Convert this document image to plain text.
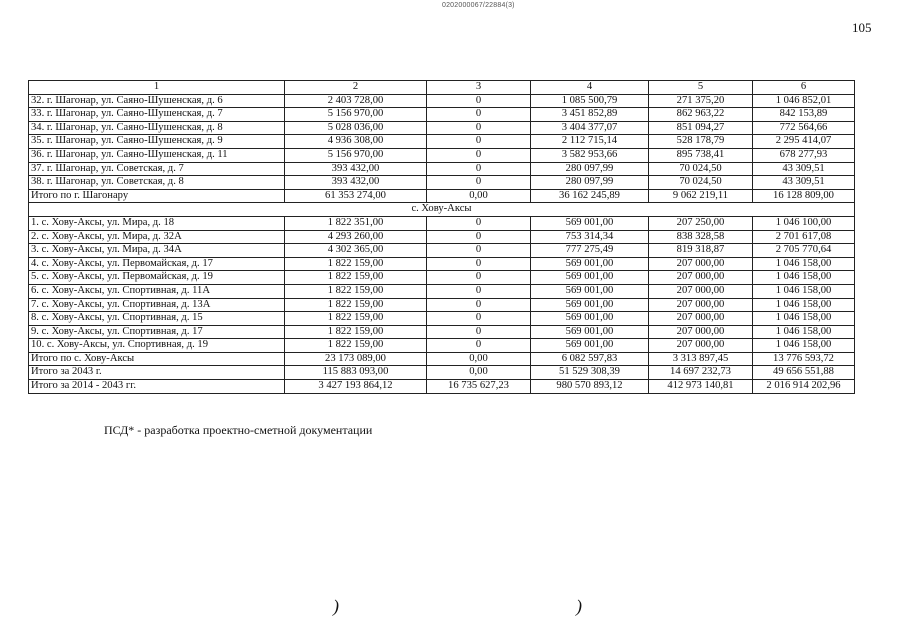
0202000067/22884(3)
105
1	2	3	4	5	6
32. г. Шагонар, ул. Саяно-Шушенская, д. 6	2 403 728,00	0	1 085 500,79	271 375,20	1 046 852,01
33. г. Шагонар, ул. Саяно-Шушенская, д. 7	5 156 970,00	0	3 451 852,89	862 963,22	842 153,89
34. г. Шагонар, ул. Саяно-Шушенская, д. 8	5 028 036,00	0	3 404 377,07	851 094,27	772 564,66
35. г. Шагонар, ул. Саяно-Шушенская, д. 9	4 936 308,00	0	2 112 715,14	528 178,79	2 295 414,07
36. г. Шагонар, ул. Саяно-Шушенская, д. 11	5 156 970,00	0	3 582 953,66	895 738,41	678 277,93
37. г. Шагонар, ул. Советская, д. 7	393 432,00	0	280 097,99	70 024,50	43 309,51
38. г. Шагонар, ул. Советская, д. 8	393 432,00	0	280 097,99	70 024,50	43 309,51
Итого по г. Шагонару	61 353 274,00	0,00	36 162 245,89	9 062 219,11	16 128 809,00
с. Хову-Аксы					
1. с. Хову-Аксы, ул. Мира, д. 18	1 822 351,00	0	569 001,00	207 250,00	1 046 100,00
2. с. Хову-Аксы, ул. Мира, д. 32А	4 293 260,00	0	753 314,34	838 328,58	2 701 617,08
3. с. Хову-Аксы, ул. Мира, д. 34А	4 302 365,00	0	777 275,49	819 318,87	2 705 770,64
4. с. Хову-Аксы, ул. Первомайская, д. 17	1 822 159,00	0	569 001,00	207 000,00	1 046 158,00
5. с. Хову-Аксы, ул. Первомайская, д. 19	1 822 159,00	0	569 001,00	207 000,00	1 046 158,00
6. с. Хову-Аксы, ул. Спортивная, д. 11А	1 822 159,00	0	569 001,00	207 000,00	1 046 158,00
7. с. Хову-Аксы, ул. Спортивная, д. 13А	1 822 159,00	0	569 001,00	207 000,00	1 046 158,00
8. с. Хову-Аксы, ул. Спортивная, д. 15	1 822 159,00	0	569 001,00	207 000,00	1 046 158,00
9. с. Хову-Аксы, ул. Спортивная, д. 17	1 822 159,00	0	569 001,00	207 000,00	1 046 158,00
10. с. Хову-Аксы, ул. Спортивная, д. 19	1 822 159,00	0	569 001,00	207 000,00	1 046 158,00
Итого по с. Хову-Аксы	23 173 089,00	0,00	6 082 597,83	3 313 897,45	13 776 593,72
Итого за 2043 г.	115 883 093,00	0,00	51 529 308,39	14 697 232,73	49 656 551,88
Итого за 2014 - 2043 гг.	3 427 193 864,12	16 735 627,23	980 570 893,12	412 973 140,81	2 016 914 202,96
ПСД* - разработка проектно-сметной документации
)	)
